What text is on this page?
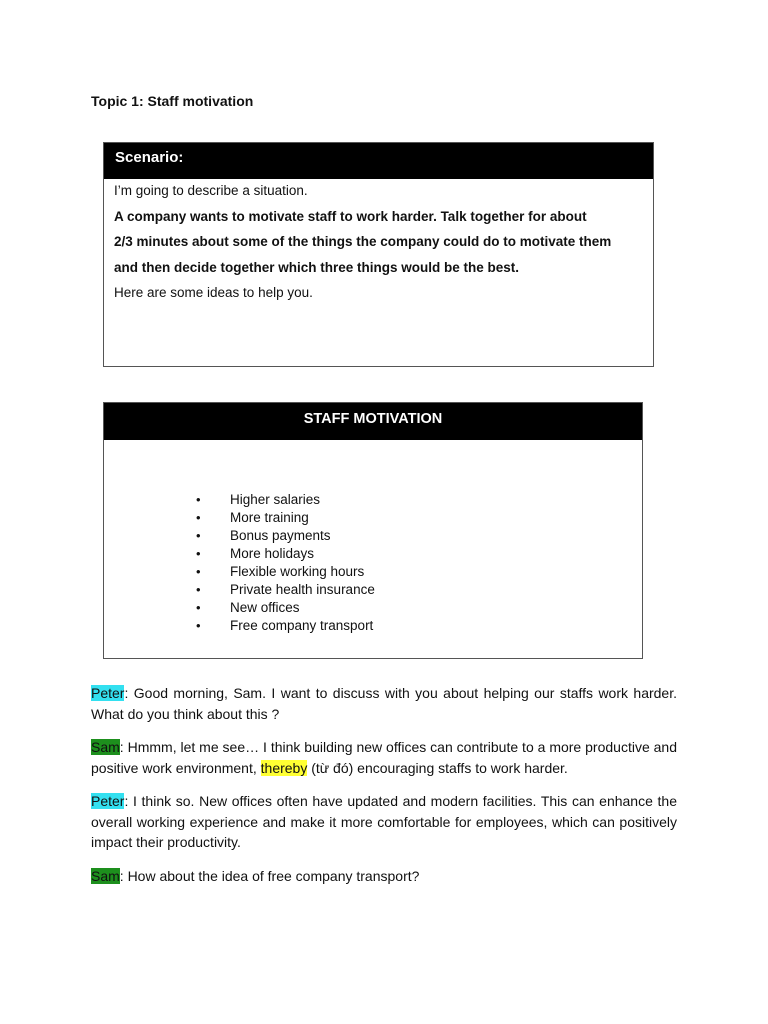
Topic 1: Staff motivation
Scenario:
I’m going to describe a situation.
A company wants to motivate staff to work harder. Talk together for about
2/3 minutes about some of the things the company could do to motivate them
and then decide together which three things would be the best.
Here are some ideas to help you.
STAFF MOTIVATION
• Higher salaries
• More training
• Bonus payments
• More holidays
• Flexible working hours
• Private health insurance
• New offices
• Free company transport

Peter: Good morning, Sam. I want to discuss with you about helping our staffs work harder. What do you think about this ?

Sam: Hmmm, let me see… I think building new offices can contribute to a more productive and positive work environment, thereby (từ đó) encouraging staffs to work harder.

Peter: I think so. New offices often have updated and modern facilities. This can enhance the overall working experience and make it more comfortable for employees, which can positively impact their productivity.

Sam: How about the idea of free company transport?
